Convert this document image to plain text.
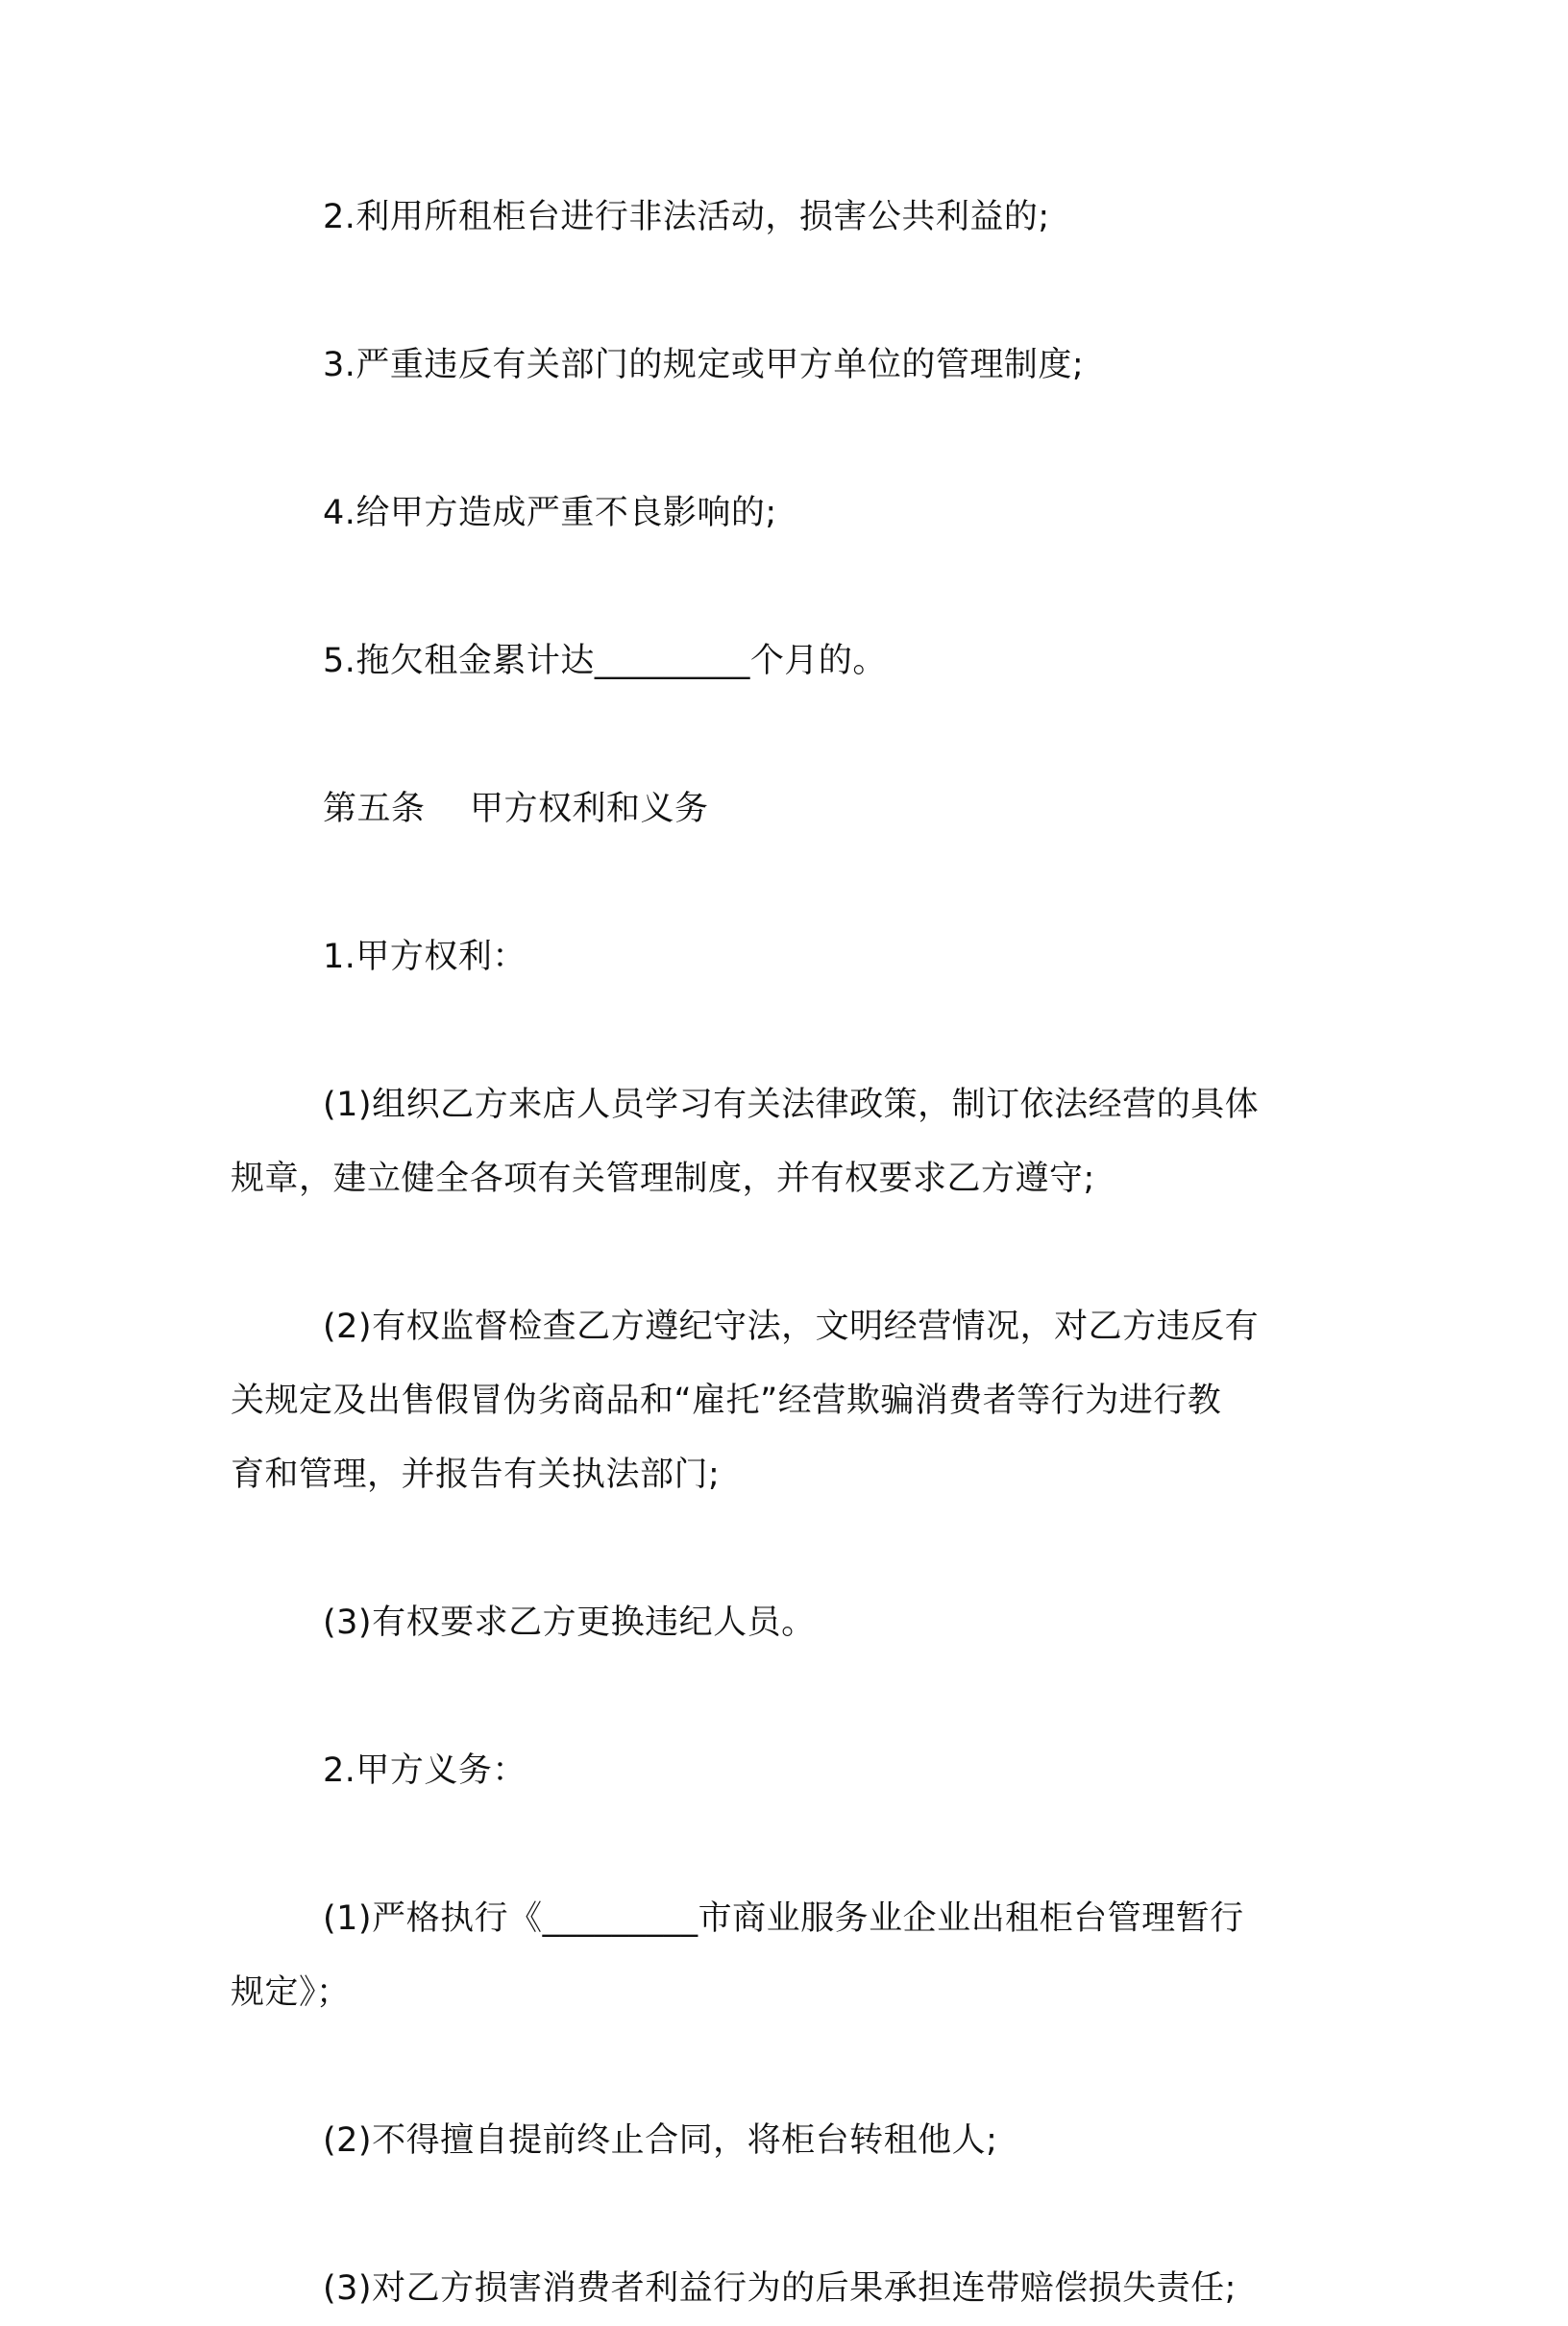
2.利用所租柜台进行非法活动，损害公共利益的;
3.严重违反有关部门的规定或甲方单位的管理制度;
4.给甲方造成严重不良影响的;
5.拖欠租金累计达_________个月的。
第五条    甲方权利和义务
1.甲方权利：
(1)组织乙方来店人员学习有关法律政策，制订依法经营的具体
规章，建立健全各项有关管理制度，并有权要求乙方遵守;
(2)有权监督检查乙方遵纪守法，文明经营情况，对乙方违反有
关规定及出售假冒伪劣商品和“雇托”经营欺骗消费者等行为进行教
育和管理，并报告有关执法部门;
(3)有权要求乙方更换违纪人员。
2.甲方义务：
(1)严格执行《_________市商业服务业企业出租柜台管理暂行
规定》；
(2)不得擅自提前终止合同，将柜台转租他人;
(3)对乙方损害消费者利益行为的后果承担连带赔偿损失责任;
